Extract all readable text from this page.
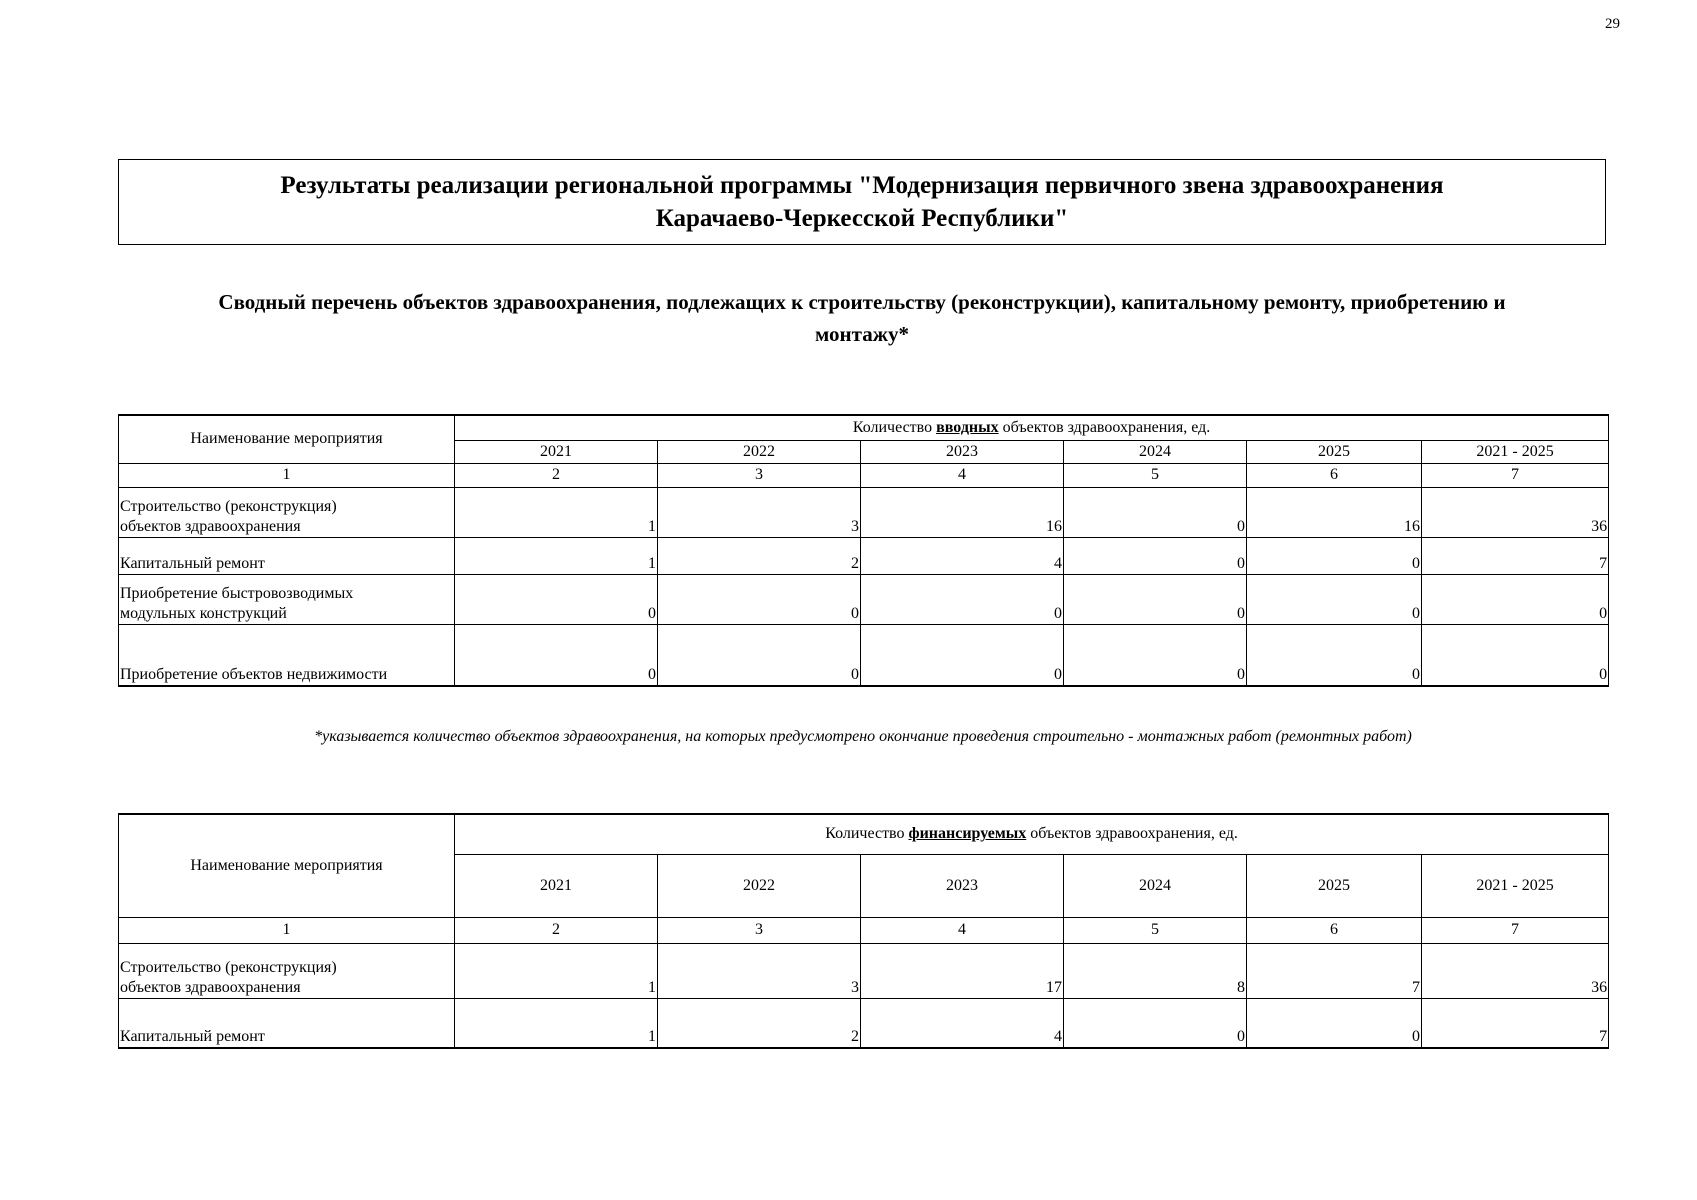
29
Результаты реализации региональной программы "Модернизация первичного звена здравоохранения
Карачаево-Черкесской Республики"
Сводный перечень объектов здравоохранения, подлежащих к строительству (реконструкции), капитальному ремонту, приобретению и
монтажу*
Наименование мероприятия	Количество вводных объектов здравоохранения, ед.					
	2021	2022	2023	2024	2025	2021 - 2025
1	2	3	4	5	6	7

Строительство (реконструкция)
объектов здравоохранения	1	3	16	0	16	36

Капитальный ремонт	1	2	4	0	0	7

Приобретение быстровозводимых
модульных конструкций	0	0	0	0	0	0

Приобретение объектов недвижимости	0	0	0	0	0	0
*указывается количество объектов здравоохранения, на которых предусмотрено окончание проведения строительно - монтажных работ (ремонтных работ)
Наименование мероприятия	Количество финансируемых объектов здравоохранения, ед.					
	2021	2022	2023	2024	2025	2021 - 2025
1	2	3	4	5	6	7

Строительство (реконструкция)
объектов здравоохранения	1	3	17	8	7	36

Капитальный ремонт	1	2	4	0	0	7
